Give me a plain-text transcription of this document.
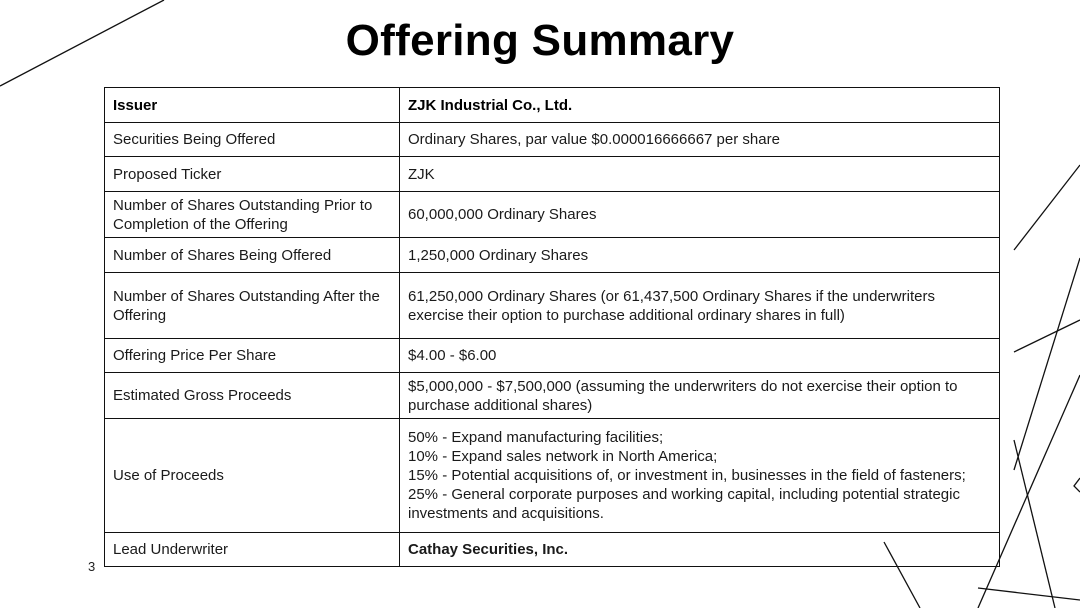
Offering Summary
Issuer	ZJK Industrial Co., Ltd.
Securities Being Offered	Ordinary Shares, par value $0.000016666667 per share
Proposed Ticker	ZJK
Number of Shares Outstanding Prior to Completion of the Offering	60,000,000 Ordinary Shares
Number of Shares Being Offered	1,250,000 Ordinary Shares
Number of Shares Outstanding After the Offering	61,250,000 Ordinary Shares (or 61,437,500 Ordinary Shares if the underwriters exercise their option to purchase additional ordinary shares in full)
Offering Price Per Share	$4.00 - $6.00
Estimated Gross Proceeds	$5,000,000 - $7,500,000 (assuming the underwriters do not exercise their option to purchase additional shares)
Use of Proceeds	50% - Expand manufacturing facilities;
10% - Expand sales network in North America;
15% - Potential acquisitions of, or investment in, businesses in the field of fasteners;
25% - General corporate purposes and working capital, including potential strategic investments and acquisitions.

Lead Underwriter	Cathay Securities, Inc.
3
